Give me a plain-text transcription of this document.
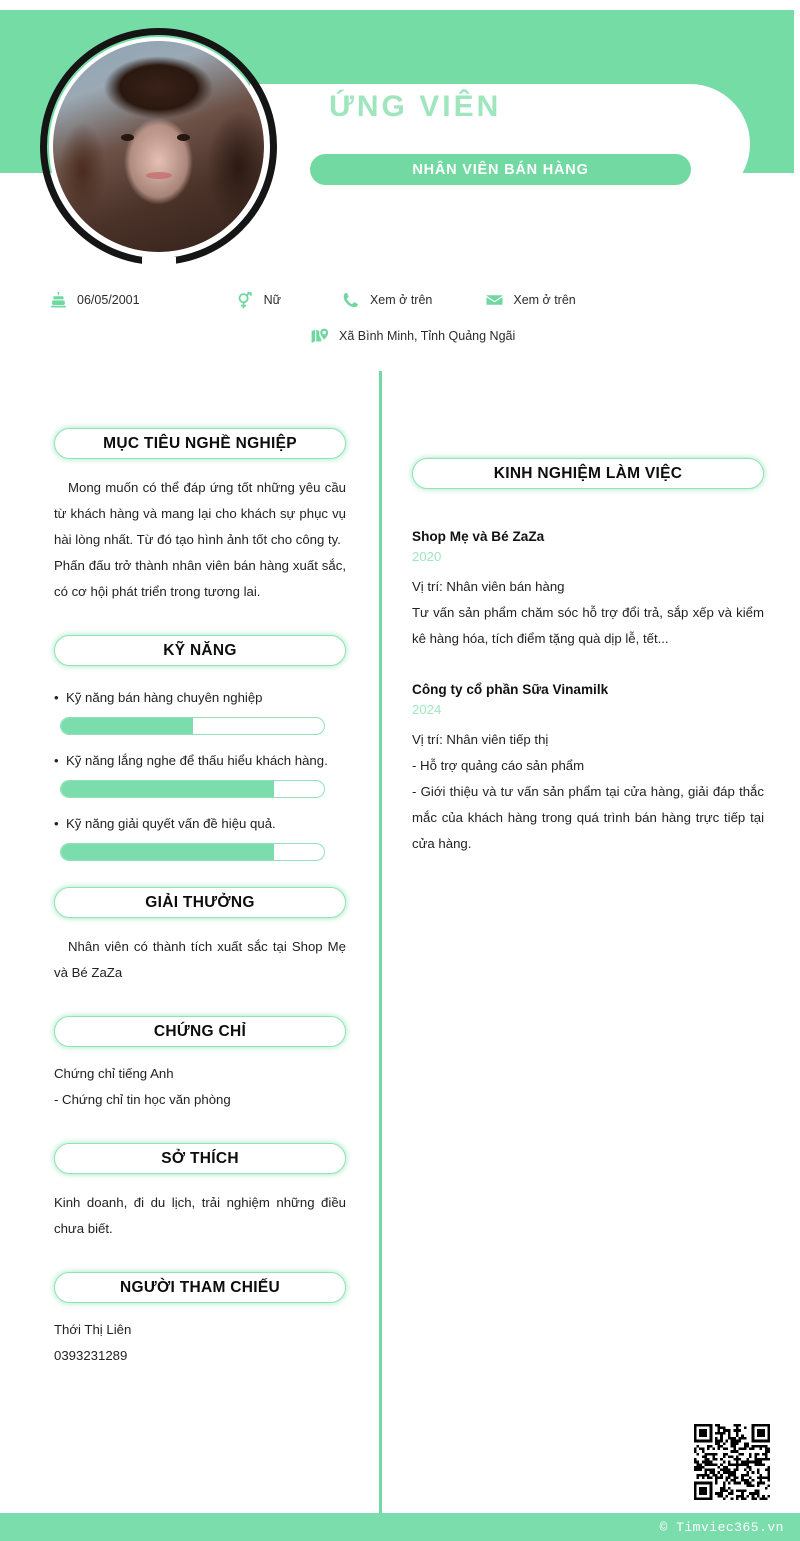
ỨNG VIÊN
NHÂN VIÊN BÁN HÀNG
06/05/2001	Nữ	Xem ở trên	Xem ở trên
Xã Bình Minh, Tỉnh Quảng Ngãi
MỤC TIÊU NGHỀ NGHIỆP

Mong muốn có thể đáp ứng tốt những yêu cầu từ khách hàng và mang lại cho khách sự phục vụ hài lòng nhất. Từ đó tạo hình ảnh tốt cho công ty.

Phấn đấu trở thành nhân viên bán hàng xuất sắc, có cơ hội phát triển trong tương lai.

KỸ NĂNG
• Kỹ năng bán hàng chuyên nghiệp
• Kỹ năng lắng nghe để thấu hiểu khách hàng.
• Kỹ năng giải quyết vấn đề hiệu quả.
GIẢI THƯỞNG

Nhân viên có thành tích xuất sắc tại Shop Mẹ và Bé ZaZa

CHỨNG CHỈ
Chứng chỉ tiếng Anh
- Chứng chỉ tin học văn phòng
SỞ THÍCH

Kinh doanh, đi du lịch, trải nghiệm những điều chưa biết.

NGƯỜI THAM CHIẾU
Thới Thị Liên
0393231289
KINH NGHIỆM LÀM VIỆC
Shop Mẹ và Bé ZaZa
2020
Vị trí: Nhân viên bán hàng
Tư vấn sản phẩm chăm sóc hỗ trợ đổi trả, sắp xếp và kiểm kê hàng hóa, tích điểm tặng quà dịp lễ, tết...
Công ty cổ phần Sữa Vinamilk
2024
Vị trí: Nhân viên tiếp thị
- Hỗ trợ quảng cáo sản phẩm
- Giới thiệu và tư vấn sản phẩm tại cửa hàng, giải đáp thắc mắc của khách hàng trong quá trình bán hàng trực tiếp tại cửa hàng.
© Timviec365.vn
